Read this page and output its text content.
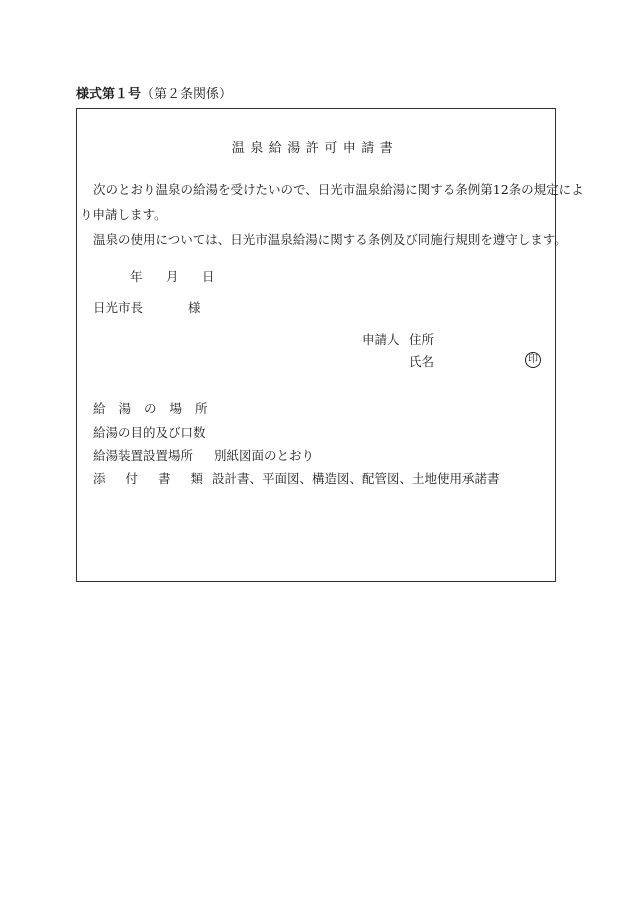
様式第１号（第２条関係）
温泉給湯許可申請書
次のとおり温泉の給湯を受けたいので、日光市温泉給湯に関する条例第12条の規定によ
り申請します。
温泉の使用については、日光市温泉給湯に関する条例及び同施行規則を遵守します。
年 月 日
日光市長	様
申請人 住所
氏名	印
給湯の場所
給湯の目的及び口数
給湯装置設置場所 別紙図面のとおり
添付書類
設計書、平面図、構造図、配管図、土地使用承諾書
